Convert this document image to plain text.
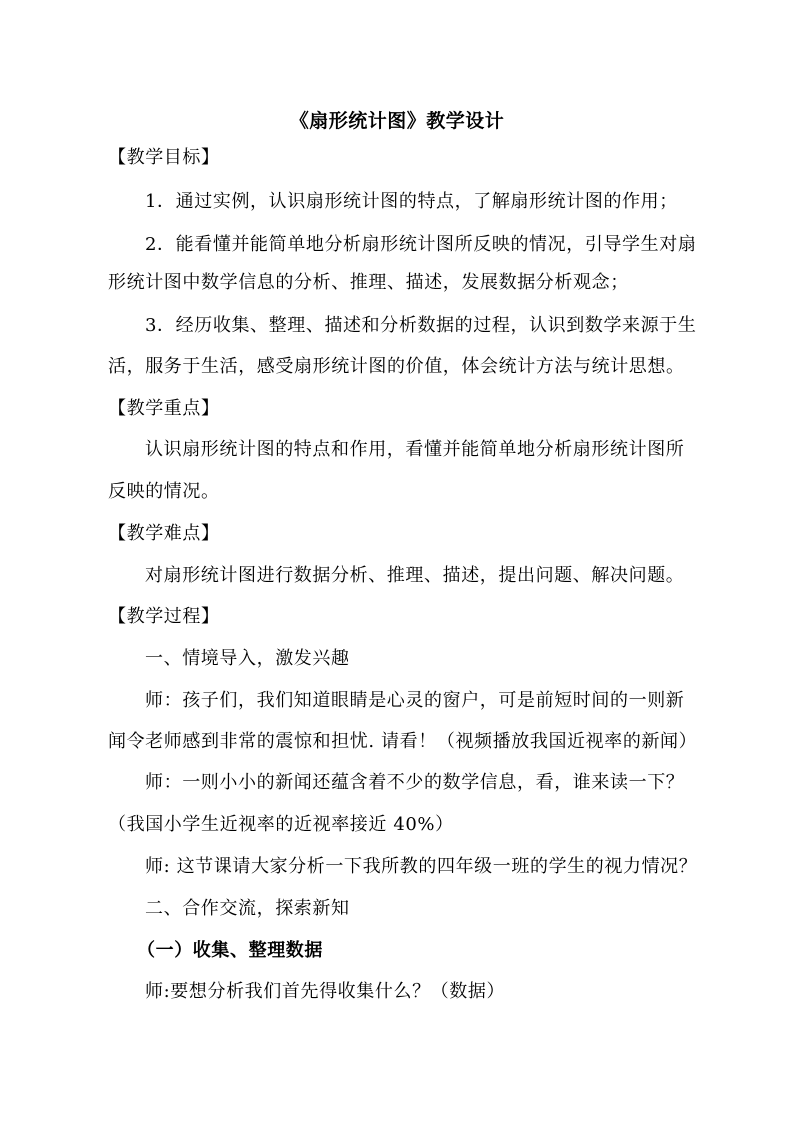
《扇形统计图》教学设计
【教学目标】
1．通过实例，认识扇形统计图的特点，了解扇形统计图的作用；
2．能看懂并能简单地分析扇形统计图所反映的情况，引导学生对扇
形统计图中数学信息的分析、推理、描述，发展数据分析观念；
3．经历收集、整理、描述和分析数据的过程，认识到数学来源于生
活，服务于生活，感受扇形统计图的价值，体会统计方法与统计思想。
【教学重点】
认识扇形统计图的特点和作用，看懂并能简单地分析扇形统计图所
反映的情况。
【教学难点】
对扇形统计图进行数据分析、推理、描述，提出问题、解决问题。
【教学过程】
一、情境导入，激发兴趣
师：孩子们，我们知道眼睛是心灵的窗户，可是前短时间的一则新
闻令老师感到非常的震惊和担忧. 请看！（视频播放我国近视率的新闻）
师：一则小小的新闻还蕴含着不少的数学信息，看，谁来读一下？
（我国小学生近视率的近视率接近 40%）
师: 这节课请大家分析一下我所教的四年级一班的学生的视力情况？
二、合作交流，探索新知
（一）收集、整理数据
师:要想分析我们首先得收集什么？（数据）
